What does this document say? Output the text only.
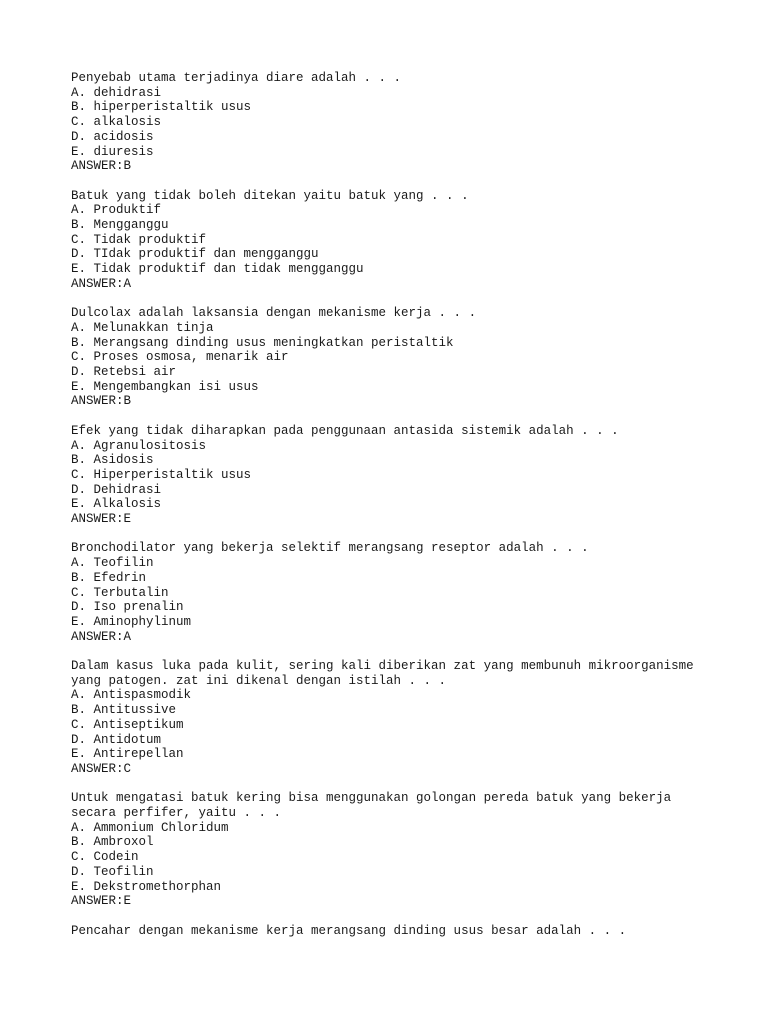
Penyebab utama terjadinya diare adalah . . .
A. dehidrasi
B. hiperperistaltik usus
C. alkalosis
D. acidosis
E. diuresis
ANSWER:B
Batuk yang tidak boleh ditekan yaitu batuk yang . . .
A. Produktif
B. Mengganggu
C. Tidak produktif
D. TIdak produktif dan mengganggu
E. Tidak produktif dan tidak mengganggu
ANSWER:A
Dulcolax adalah laksansia dengan mekanisme kerja . . .
A. Melunakkan tinja
B. Merangsang dinding usus meningkatkan peristaltik
C. Proses osmosa, menarik air
D. Retebsi air
E. Mengembangkan isi usus
ANSWER:B
Efek yang tidak diharapkan pada penggunaan antasida sistemik adalah . . .
A. Agranulositosis
B. Asidosis
C. Hiperperistaltik usus
D. Dehidrasi
E. Alkalosis
ANSWER:E
Bronchodilator yang bekerja selektif merangsang reseptor adalah . . .
A. Teofilin
B. Efedrin
C. Terbutalin
D. Iso prenalin
E. Aminophylinum
ANSWER:A
Dalam kasus luka pada kulit, sering kali diberikan zat yang membunuh mikroorganisme
yang patogen. zat ini dikenal dengan istilah . . .
A. Antispasmodik
B. Antitussive
C. Antiseptikum
D. Antidotum
E. Antirepellan
ANSWER:C
Untuk mengatasi batuk kering bisa menggunakan golongan pereda batuk yang bekerja
secara perfifer, yaitu . . .
A. Ammonium Chloridum
B. Ambroxol
C. Codein
D. Teofilin
E. Dekstromethorphan
ANSWER:E
Pencahar dengan mekanisme kerja merangsang dinding usus besar adalah . . .
